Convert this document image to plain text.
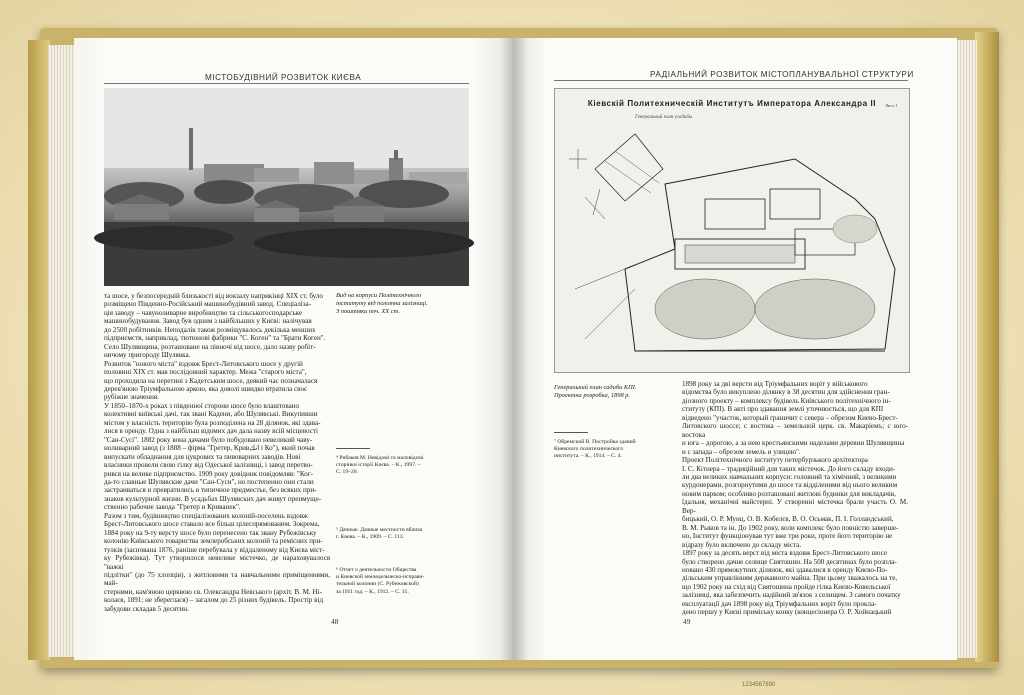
МІСТОБУДІВНИЙ РОЗВИТОК КИЄВА
Вид на корпуси Політехнічного
інституту від полотна залізниці.
З поштівки поч. XX ст.
та шосе, у безпосередній близькості від вокзалу наприкінці XIX ст. було
розміщено Південно-Російський машинобудівний завод. Спеціалiза-
ція заводу – чавуноливарне виробництво та сільськогосподарське
машинобудування. Завод був одним з найбільших у Києві: налічував
до 2500 робітників. Неподалік також розміщувалось декілька менших
підприємств, наприклад, тютюнові фабрики "С. Коген" та "Брати Коген".
Село Шулявщина, розташоване на півночі від шосе, дало назву робіт-
ничому пригороду Шулявка.
Розвиток "нового міста" вздовж Брест-Литовського шосе у другій
половині XIX ст. мав послідовний характер. Межа "старого міста",
що проходила на перетині з Кадетським шосе, деякий час позначалася
дерев'яною Тріумфальною аркою, яка доволі швидко втратила своє
рубіжне значення.
У 1850–1870-х роках з південної сторони шосе було влаштовано
колективні київські дачі, так звані Кадени, або Шулявські. Викупивши
містом у власність територію була розподілена на 28 ділянок, які здава-
лися в оренду. Одна з найбільш відомих дач дала назву всій місцевості
"Сан-Сусі". 1882 року вона дачами було побудовано невеликий чаву-
ноливарний завод (з 1888 – фірма "Гретер, Кривانك і Ко"), який почав
випускати обладнання для цукрових та пивоварних заводів. Нові
власники провели свою гілку від Одеської залізниці, і завод перетво-
рився на велике підприємство. 1909 року довідник повідомляв: "Ког-
да-то славные Шулявские дачи "Сан-Суси", но постепенно они стали
застраиваться и превратились в типичное предместье, без всяких при-
знаков культурной жизни. В усадьбах Шулявских дач живут преимуще-
ственно рабочие завода "Гретер и Криванек".
Разом з тим, будівництво спеціалізованих колоній-поселень вздовж
Брест-Литовського шосе ставало все більш цілеспрямованим. Зокрема,
1884 року на 9-ту версту шосе було перенесено так звану Рубежівську
колонію Київського товариства землеробських колоній та ремісних при-
тулків (заснована 1876, раніше перебувала у віддаленому від Києва міст-
ку Рубежівка). Тут утворилося невелике містечко, де нараховувалося "важкі
підлітки" (до 75 хлопців), з житловими та навчальними приміщеннями, май-
стернями, кам'яною церквою св. Олександра Невського (архіт. В. М. Ні-
колаєв, 1891; не збереглася) – загалом до 25 різних будівель. Простір від
забудови складав 5 десятин.
⁴ Рибаков М. Невідомі та маловідомі
сторінки історії Києва. – К., 1997. –
С. 19–20.
⁵ Дачные. Дачные местности вблизи
г. Киева. – К., 1909. – С. 113.
⁶ Отчет о деятельности Общества
и Киевской земледельческо-исправи-
тельной колонии (С. Рубежовской)
за 1911 год. – К., 1912. – С. 15.
48
РАДІАЛЬНИЙ РОЗВИТОК МІСТОПЛАНУВАЛЬНОЇ СТРУКТУРИ
Кiевскiй Политехническiй Институтъ Императора Александра II
Генеральный план усадьбы
Лист 1
Генеральний план садиби КПІ.
Проектна розробка, 1898 р.
⁷ Обремский В. Постройка зданий
Киевского политехнического
института. – К., 1914. – С. 4.
1898 року за дві версти від Тріумфальних воріт у військового
відомства було викуплено ділянку в 38 десятин для здійснення гран-
діозного проекту – комплексу будівель Київського політехнічного ін-
ституту (КПІ). В акті про здавання землі уточнюється, що для КПІ
відведено "участок, который граничит с севера – обрезом Киево-Брест-
Литовского шоссе; с востока – земельной церк. св. Макарiемъ; с юго-востока
и юга – дорогою, а за нею крестьянскими наделами деревни Шулявщины
и с запада – обрезом земель и улицею".
Проект Політехнічного інституту петербурзького архітектора
І. С. Кітнера – традиційний для таких містечок. До його складу входи-
ли два великих навчальних корпуси: головний та хімічний, з великими
курдонерами, розгорнутими до шосе та відділеними від нього великим
новим парком; особливо розташовані житлові будинки для викладачів,
їдальня, механічні майстерні. У створенні містечка брали участь О. М. Вер-
бицький, О. Р. Мунц, О. В. Кобелєв, В. О. Осьмак, П. І. Голландський,
В. М. Рыков та ін. До 1902 року, коли комплекс було повністю заверше-
но, Інститут функціонував тут вже три роки, проте його територію не
відразу було включено до складу міста.
1897 року за десять верст від міста вздовж Брест-Литовського шосе
було створено дачне селище Святошин. На 500 десятинах було розпла-
новано 430 прямокутних ділянок, які здавалися в оренду Києво-По-
дільським управлінням державного майна. При цьому зважалось на те,
що 1902 року на схід від Святошина пройде гілка Києво-Ковельської
залізниці, яка забезпечить надійний зв'язок з селищем. З самого початку
експлуатації дач 1898 року від Тріумфальних воріт було прокла-
дено першу у Києві приміську конку (концесіонера О. Р. Хойнацький
49
1234567890
